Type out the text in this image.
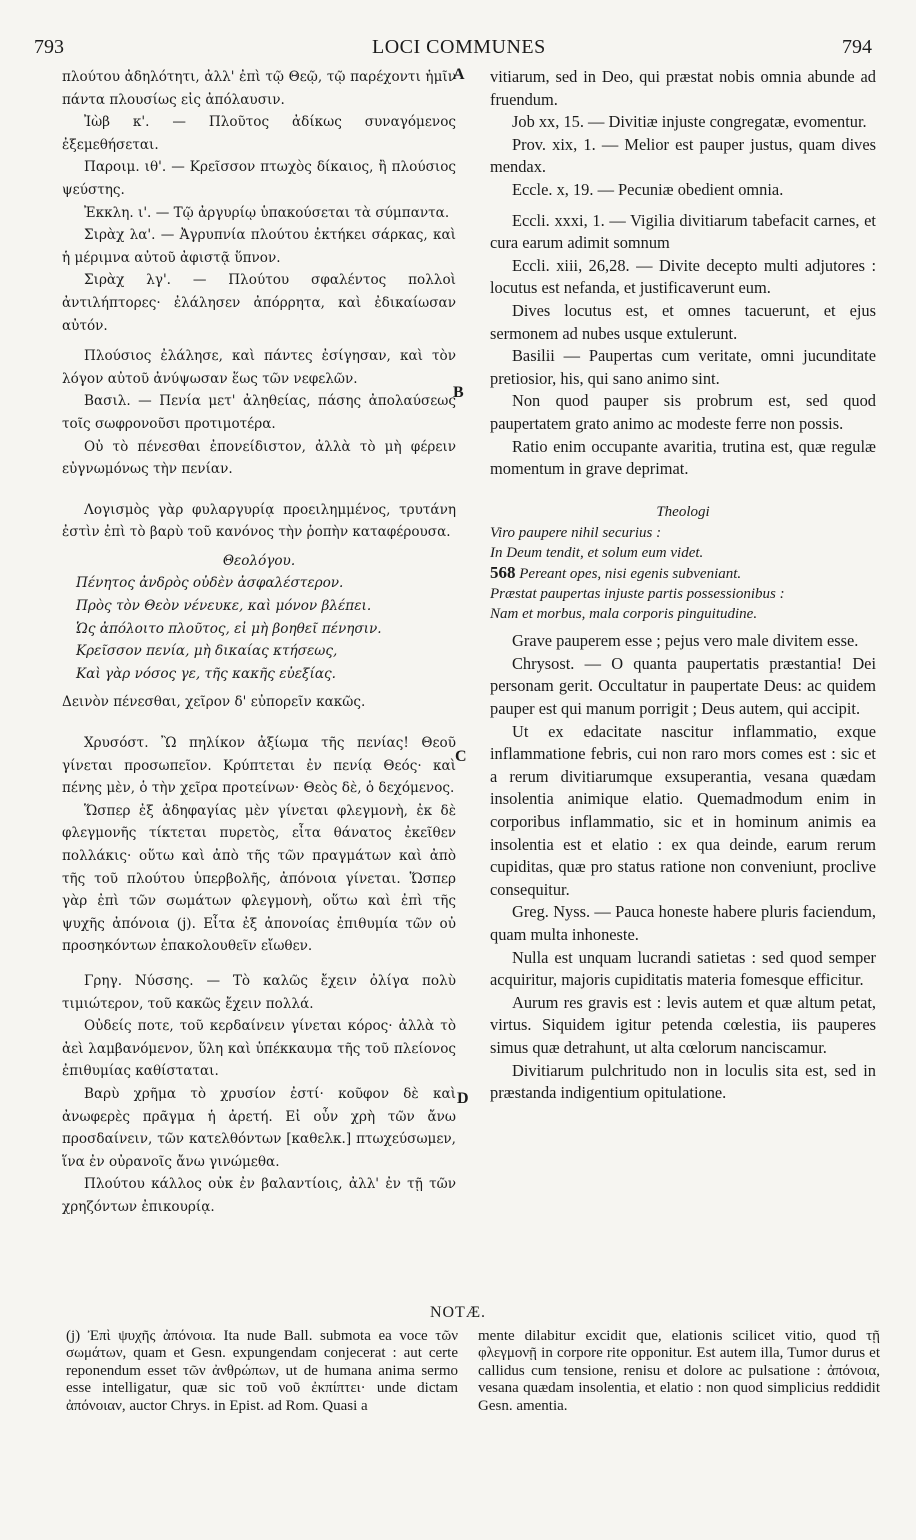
793	LOCI COMMUNES	794
A
B
C
D

πλούτου ἀδηλότητι, ἀλλ' ἐπὶ τῷ Θεῷ, τῷ παρέχοντι ἡμῖν πάντα πλουσίως εἰς ἀπόλαυσιν.

Ἰὼβ κ'. — Πλοῦτος ἀδίκως συναγόμενος ἐξεμεθήσεται.

Παροιμ. ιθ'. — Κρεῖσσον πτωχὸς δίκαιος, ἢ πλούσιος ψεύστης.

Ἐκκλη. ι'. — Τῷ ἀργυρίῳ ὑπακούσεται τὰ σύμπαντα.

Σιρὰχ λα'. — Ἀγρυπνία πλούτου ἐκτήκει σάρκας, καὶ ἡ μέριμνα αὐτοῦ ἀφιστᾷ ὕπνον.

Σιρὰχ λγ'. — Πλούτου σφαλέντος πολλοὶ ἀντιλήπτορες· ἐλάλησεν ἀπόρρητα, καὶ ἐδικαίωσαν αὐτόν.

Πλούσιος ἐλάλησε, καὶ πάντες ἐσίγησαν, καὶ τὸν λόγον αὐτοῦ ἀνύψωσαν ἕως τῶν νεφελῶν.

Βασιλ. — Πενία μετ' ἀληθείας, πάσης ἀπολαύσεως τοῖς σωφρονοῦσι προτιμοτέρα.

Οὐ τὸ πένεσθαι ἐπονείδιστον, ἀλλὰ τὸ μὴ φέρειν εὐγνωμόνως τὴν πενίαν.

Λογισμὸς γὰρ φυλαργυρίᾳ προειλημμένος, τρυτάνη ἐστὶν ἐπὶ τὸ βαρὺ τοῦ κανόνος τὴν ῥοπὴν καταφέρουσα.

Θεολόγου.

Πένητος ἀνδρὸς οὐδὲν ἀσφαλέστερον.

Πρὸς τὸν Θεὸν νένευκε, καὶ μόνον βλέπει.

Ὡς ἀπόλοιτο πλοῦτος, εἰ μὴ βοηθεῖ πένησιν.

Κρεῖσσον πενία, μὴ δικαίας κτήσεως,

Καὶ γὰρ νόσος γε, τῆς κακῆς εὐεξίας.

Δεινὸν πένεσθαι, χεῖρον δ' εὐπορεῖν κακῶς.

Χρυσόστ. Ὢ πηλίκον ἀξίωμα τῆς πενίας! Θεοῦ γίνεται προσωπεῖον. Κρύπτεται ἐν πενίᾳ Θεός· καὶ πένης μὲν, ὁ τὴν χεῖρα προτείνων· Θεὸς δὲ, ὁ δεχόμενος.

Ὥσπερ ἐξ ἀδηφαγίας μὲν γίνεται φλεγμονὴ, ἐκ δὲ φλεγμονῆς τίκτεται πυρετὸς, εἶτα θάνατος ἐκεῖθεν πολλάκις· οὕτω καὶ ἀπὸ τῆς τῶν πραγμάτων καὶ ἀπὸ τῆς τοῦ πλούτου ὑπερβολῆς, ἀπόνοια γίνεται. Ὥσπερ γὰρ ἐπὶ τῶν σωμάτων φλεγμονὴ, οὕτω καὶ ἐπὶ τῆς ψυχῆς ἀπόνοια (j). Εἶτα ἐξ ἀπονοίας ἐπιθυμία τῶν οὐ προσηκόντων ἐπακολουθεῖν εἴωθεν.

Γρηγ. Νύσσης. — Τὸ καλῶς ἔχειν ὀλίγα πολὺ τιμιώτερον, τοῦ κακῶς ἔχειν πολλά.

Οὐδείς ποτε, τοῦ κερδαίνειν γίνεται κόρος· ἀλλὰ τὸ ἀεὶ λαμβανόμενον, ὕλη καὶ ὑπέκκαυμα τῆς τοῦ πλείονος ἐπιθυμίας καθίσταται.

Βαρὺ χρῆμα τὸ χρυσίον ἐστί· κοῦφον δὲ καὶ ἀνωφερὲς πρᾶγμα ἡ ἀρετή. Εἰ οὖν χρὴ τῶν ἄνω προσδαίνειν, τῶν κατελθόντων [καθελκ.] πτωχεύσωμεν, ἵνα ἐν οὐρανοῖς ἄνω γινώμεθα.

Πλούτου κάλλος οὐκ ἐν βαλαντίοις, ἀλλ' ἐν τῇ τῶν χρηζόντων ἐπικουρίᾳ.

vitiarum, sed in Deo, qui præstat nobis omnia abunde ad fruendum.

Job xx, 15. — Divitiæ injuste congregatæ, evomentur.

Prov. xix, 1. — Melior est pauper justus, quam dives mendax.

Eccle. x, 19. — Pecuniæ obedient omnia.

Eccli. xxxi, 1. — Vigilia divitiarum tabefacit carnes, et cura earum adimit somnum

Eccli. xiii, 26,28. — Divite decepto multi adjutores : locutus est nefanda, et justificaverunt eum.

Dives locutus est, et omnes tacuerunt, et ejus sermonem ad nubes usque extulerunt.

Basilii — Paupertas cum veritate, omni jucunditate pretiosior, his, qui sano animo sint.

Non quod pauper sis probrum est, sed quod paupertatem grato animo ac modeste ferre non possis.

Ratio enim occupante avaritia, trutina est, quæ regulæ momentum in grave deprimat.

Theologi

Viro paupere nihil securius :

In Deum tendit, et solum eum videt.

568 Pereant opes, nisi egenis subveniant.

Præstat paupertas injuste partis possessionibus :

Nam et morbus, mala corporis pinguitudine.

Grave pauperem esse ; pejus vero male divitem esse.

Chrysost. — O quanta paupertatis præstantia! Dei personam gerit. Occultatur in paupertate Deus: ac quidem pauper est qui manum porrigit ; Deus autem, qui accipit.

Ut ex edacitate nascitur inflammatio, exque inflammatione febris, cui non raro mors comes est : sic et a rerum divitiarumque exsuperantia, vesana quædam insolentia animique elatio. Quemadmodum enim in corporibus inflammatio, sic et in hominum animis ea insolentia est et elatio : ex qua deinde, earum rerum cupiditas, quæ pro status ratione non conveniunt, proclive consequitur.

Greg. Nyss. — Pauca honeste habere pluris faciendum, quam multa inhoneste.

Nulla est unquam lucrandi satietas : sed quod semper acquiritur, majoris cupiditatis materia fomesque efficitur.

Aurum res gravis est : levis autem et quæ altum petat, virtus. Siquidem igitur petenda cœlestia, iis pauperes simus quæ detrahunt, ut alta cœlorum nanciscamur.

Divitiarum pulchritudo non in loculis sita est, sed in præstanda indigentium opitulatione.

NOTÆ.

(j) Ἐπὶ ψυχῆς ἀπόνοια. Ita nude Ball. submota ea voce τῶν σωμάτων, quam et Gesn. expungendam conjecerat : aut certe reponendum esset τῶν ἀνθρώπων, ut de humana anima sermo esse intelligatur, quæ sic τοῦ νοῦ ἐκπίπτει· unde dictam ἀπόνοιαν, auctor Chrys. in Epist. ad Rom. Quasi a

mente dilabitur excidit que, elationis scilicet vitio, quod τῇ φλεγμονῇ in corpore rite opponitur. Est autem illa, Tumor durus et callidus cum tensione, renisu et dolore ac pulsatione : ἀπόνοια, vesana quædam insolentia, et elatio : non quod simplicius reddidit Gesn. amentia.
